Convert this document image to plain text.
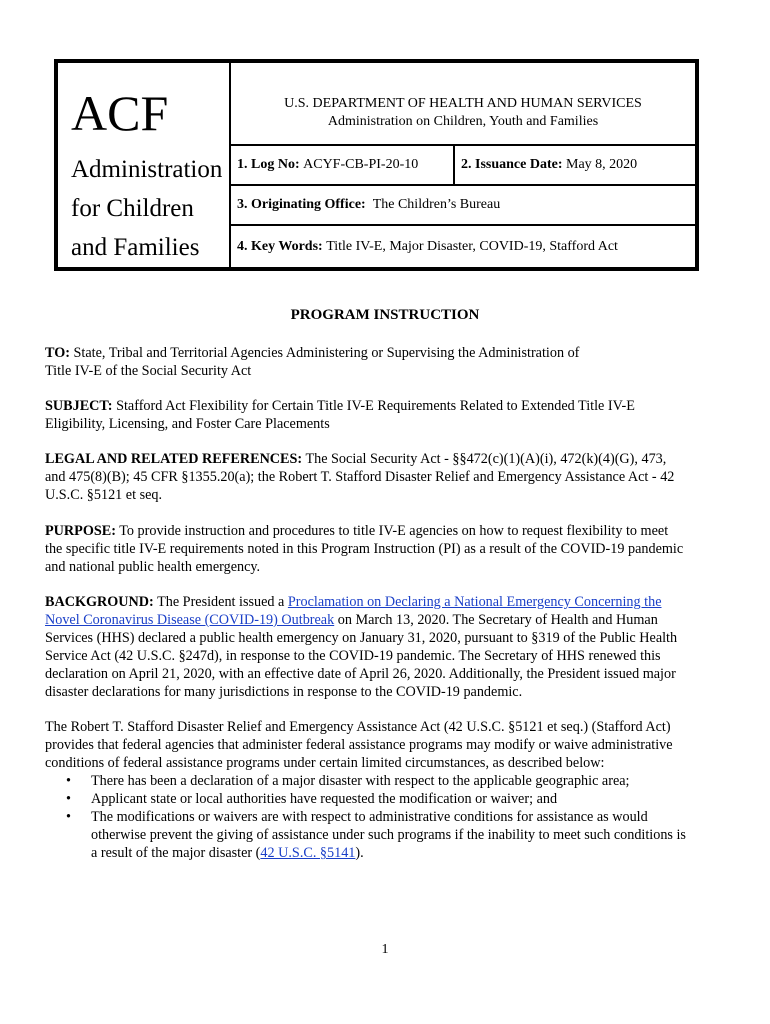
ACF
Administration
for Children
and Families
U.S. DEPARTMENT OF HEALTH AND HUMAN SERVICES
Administration on Children, Youth and Families
1. Log No:
ACYF-CB-PI-20-10	2. Issuance Date:
May 8, 2020
3. Originating Office:
The Children’s Bureau
4. Key Words:
Title IV-E, Major Disaster, COVID-19, Stafford Act
PROGRAM INSTRUCTION
TO: State, Tribal and Territorial Agencies Administering or Supervising the Administration of
Title IV-E of the Social Security Act
SUBJECT: Stafford Act Flexibility for Certain Title IV-E Requirements Related to Extended Title IV-E
Eligibility, Licensing, and Foster Care Placements
LEGAL AND RELATED REFERENCES: The Social Security Act - §§472(c)(1)(A)(i), 472(k)(4)(G), 473,
and 475(8)(B); 45 CFR §1355.20(a); the Robert T. Stafford Disaster Relief and Emergency Assistance Act - 42
U.S.C. §5121 et seq.
PURPOSE: To provide instruction and procedures to title IV-E agencies on how to request flexibility to meet
the specific title IV-E requirements noted in this Program Instruction (PI) as a result of the COVID-19 pandemic
and national public health emergency.
BACKGROUND: The President issued a Proclamation on Declaring a National Emergency Concerning the
Novel Coronavirus Disease (COVID-19) Outbreak on March 13, 2020. The Secretary of Health and Human
Services (HHS) declared a public health emergency on January 31, 2020, pursuant to §319 of the Public Health
Service Act (42 U.S.C. §247d), in response to the COVID-19 pandemic. The Secretary of HHS renewed this
declaration on April 21, 2020, with an effective date of April 26, 2020. Additionally, the President issued major
disaster declarations for many jurisdictions in response to the COVID-19 pandemic.
The Robert T. Stafford Disaster Relief and Emergency Assistance Act (42 U.S.C. §5121 et seq.) (Stafford Act)
provides that federal agencies that administer federal assistance programs may modify or waive administrative
conditions of federal assistance programs under certain limited circumstances, as described below:
• There has been a declaration of a major disaster with respect to the applicable geographic area;
• Applicant state or local authorities have requested the modification or waiver; and
• The modifications or waivers are with respect to administrative conditions for assistance as would
otherwise prevent the giving of assistance under such programs if the inability to meet such conditions is
a result of the major disaster (42 U.S.C. §5141).
1
